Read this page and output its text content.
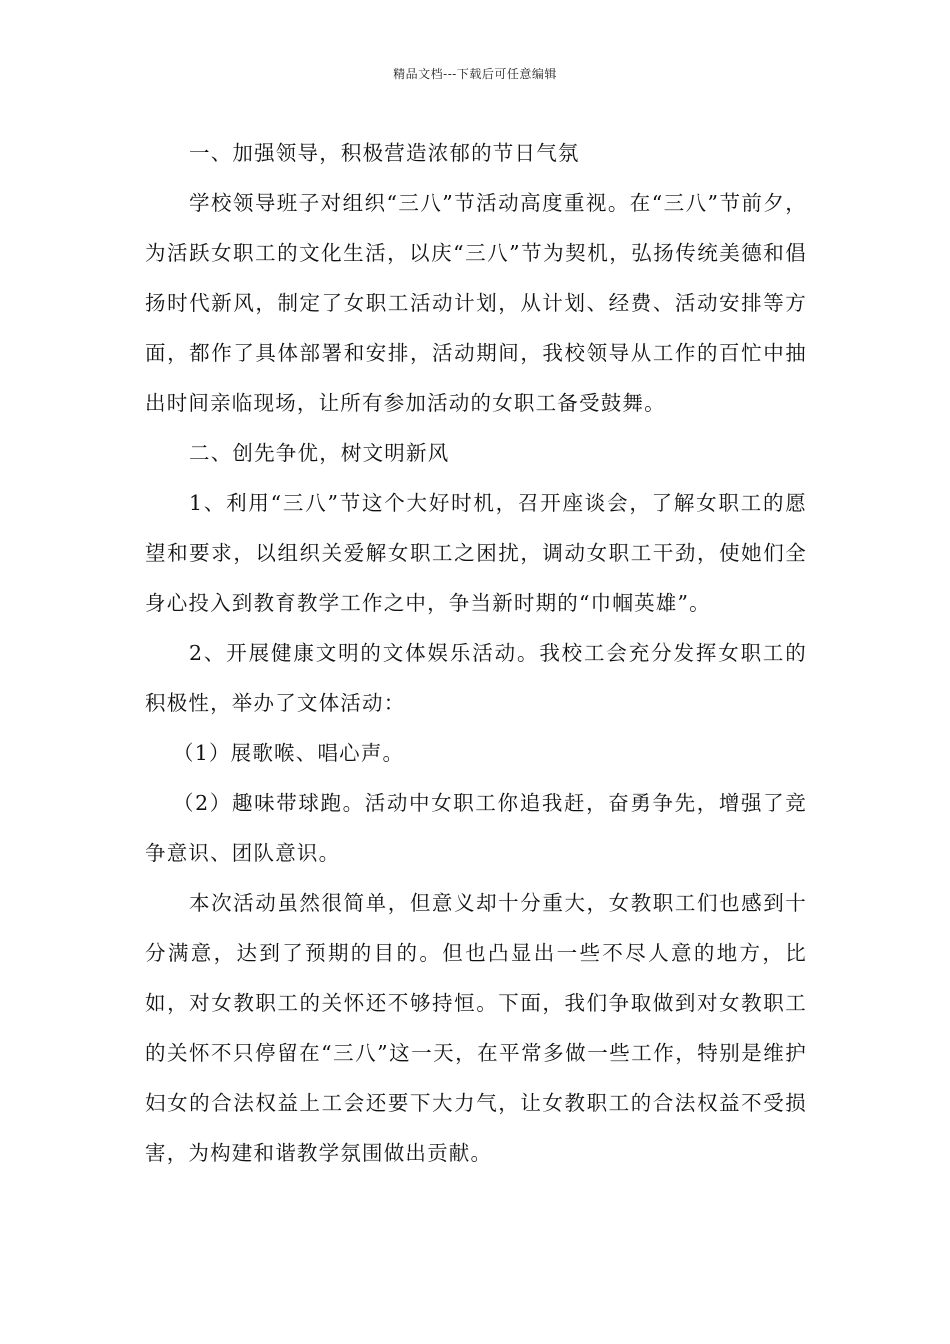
精品文档---下载后可任意编辑

一、加强领导，积极营造浓郁的节日气氛

学校领导班子对组织“三八”节活动高度重视。在“三八”节前夕，为活跃女职工的文化生活，以庆“三八”节为契机，弘扬传统美德和倡扬时代新风，制定了女职工活动计划，从计划、经费、活动安排等方面，都作了具体部署和安排，活动期间，我校领导从工作的百忙中抽出时间亲临现场，让所有参加活动的女职工备受鼓舞。

二、创先争优，树文明新风

1、利用“三八”节这个大好时机，召开座谈会，了解女职工的愿望和要求，以组织关爱解女职工之困扰，调动女职工干劲，使她们全身心投入到教育教学工作之中，争当新时期的“巾帼英雄”。

2、开展健康文明的文体娱乐活动。我校工会充分发挥女职工的积极性，举办了文体活动：

（1）展歌喉、唱心声。

（2）趣味带球跑。活动中女职工你追我赶，奋勇争先，增强了竞争意识、团队意识。

本次活动虽然很简单，但意义却十分重大，女教职工们也感到十分满意，达到了预期的目的。但也凸显出一些不尽人意的地方，比如，对女教职工的关怀还不够持恒。下面，我们争取做到对女教职工的关怀不只停留在“三八”这一天，在平常多做一些工作，特别是维护妇女的合法权益上工会还要下大力气，让女教职工的合法权益不受损害，为构建和谐教学氛围做出贡献。
